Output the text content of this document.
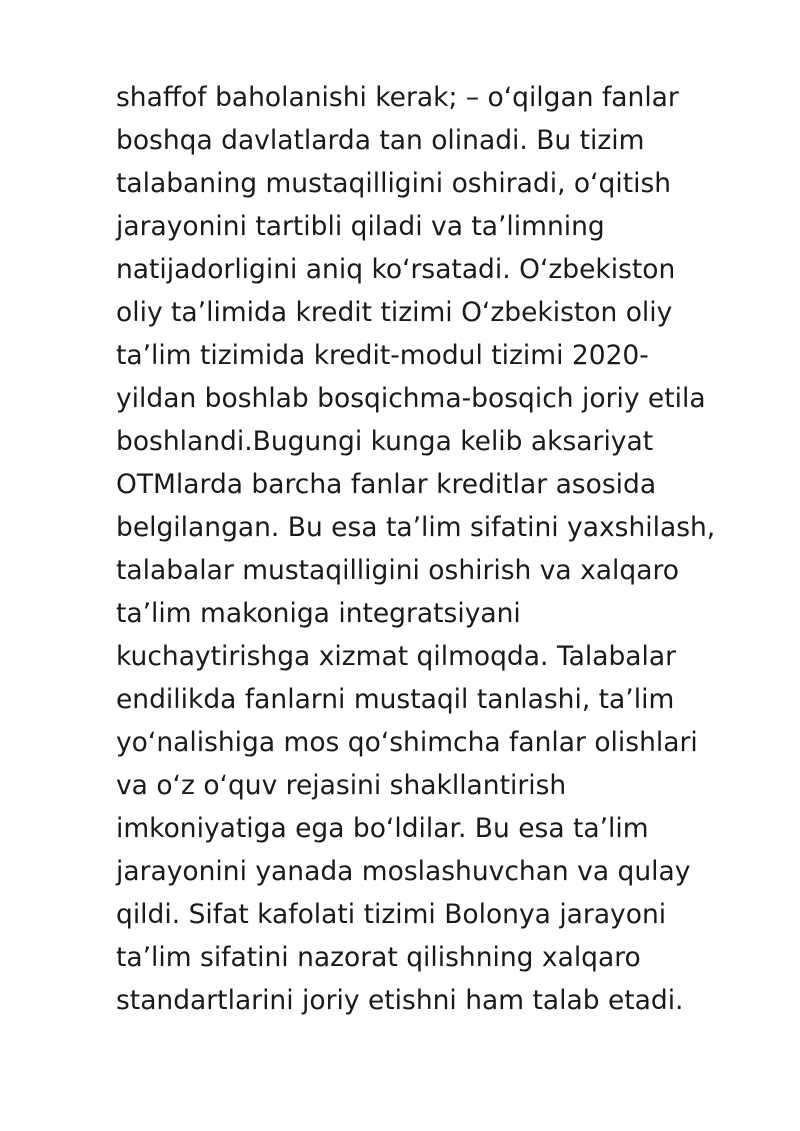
shaffof baholanishi kerak; – oʻqilgan fanlar
boshqa davlatlarda tan olinadi. Bu tizim
talabaning mustaqilligini oshiradi, oʻqitish
jarayonini tartibli qiladi va taʼlimning
natijadorligini aniq koʻrsatadi. Oʻzbekiston
oliy taʼlimida kredit tizimi Oʻzbekiston oliy
taʼlim tizimida kredit-modul tizimi 2020-
yildan boshlab bosqichma-bosqich joriy etila
boshlandi.Bugungi kunga kelib aksariyat
OTMlarda barcha fanlar kreditlar asosida
belgilangan. Bu esa taʼlim sifatini yaxshilash,
talabalar mustaqilligini oshirish va xalqaro
taʼlim makoniga integratsiyani
kuchaytirishga xizmat qilmoqda. Talabalar
endilikda fanlarni mustaqil tanlashi, taʼlim
yoʻnalishiga mos qoʻshimcha fanlar olishlari
va oʻz oʻquv rejasini shakllantirish
imkoniyatiga ega boʻldilar. Bu esa taʼlim
jarayonini yanada moslashuvchan va qulay
qildi. Sifat kafolati tizimi Bolonya jarayoni
taʼlim sifatini nazorat qilishning xalqaro
standartlarini joriy etishni ham talab etadi.
